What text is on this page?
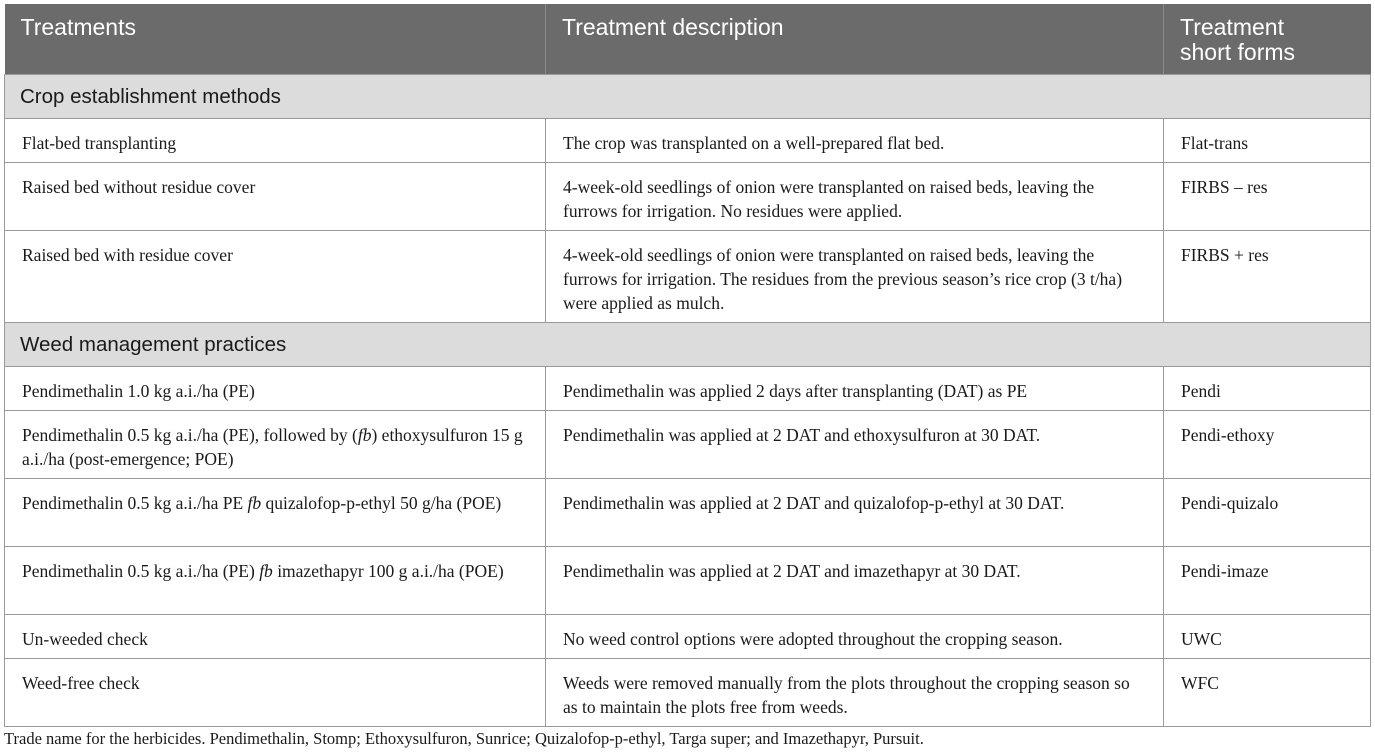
Treatments	Treatment description	Treatment
short forms
Crop establishment methods		
Flat-bed transplanting	The crop was transplanted on a well-prepared flat bed.	Flat-trans
Raised bed without residue cover	4-week-old seedlings of onion were transplanted on raised beds, leaving the furrows for irrigation. No residues were applied.	FIRBS – res
Raised bed with residue cover	4-week-old seedlings of onion were transplanted on raised beds, leaving the furrows for irrigation. The residues from the previous season’s rice crop (3 t/ha) were applied as mulch.	FIRBS + res
Weed management practices		
Pendimethalin 1.0 kg a.i./ha (PE)	Pendimethalin was applied 2 days after transplanting (DAT) as PE	Pendi
Pendimethalin 0.5 kg a.i./ha (PE), followed by (fb) ethoxysulfuron 15 g a.i./ha (post-emergence; POE)	Pendimethalin was applied at 2 DAT and ethoxysulfuron at 30 DAT.	Pendi-ethoxy
Pendimethalin 0.5 kg a.i./ha PE fb quizalofop-p-ethyl 50 g/ha (POE)	Pendimethalin was applied at 2 DAT and quizalofop-p-ethyl at 30 DAT.	Pendi-quizalo
Pendimethalin 0.5 kg a.i./ha (PE) fb imazethapyr 100 g a.i./ha (POE)	Pendimethalin was applied at 2 DAT and imazethapyr at 30 DAT.	Pendi-imaze
Un-weeded check	No weed control options were adopted throughout the cropping season.	UWC
Weed-free check	Weeds were removed manually from the plots throughout the cropping season so as to maintain the plots free from weeds.	WFC
Trade name for the herbicides. Pendimethalin, Stomp; Ethoxysulfuron, Sunrice; Quizalofop-p-ethyl, Targa super; and Imazethapyr, Pursuit.
